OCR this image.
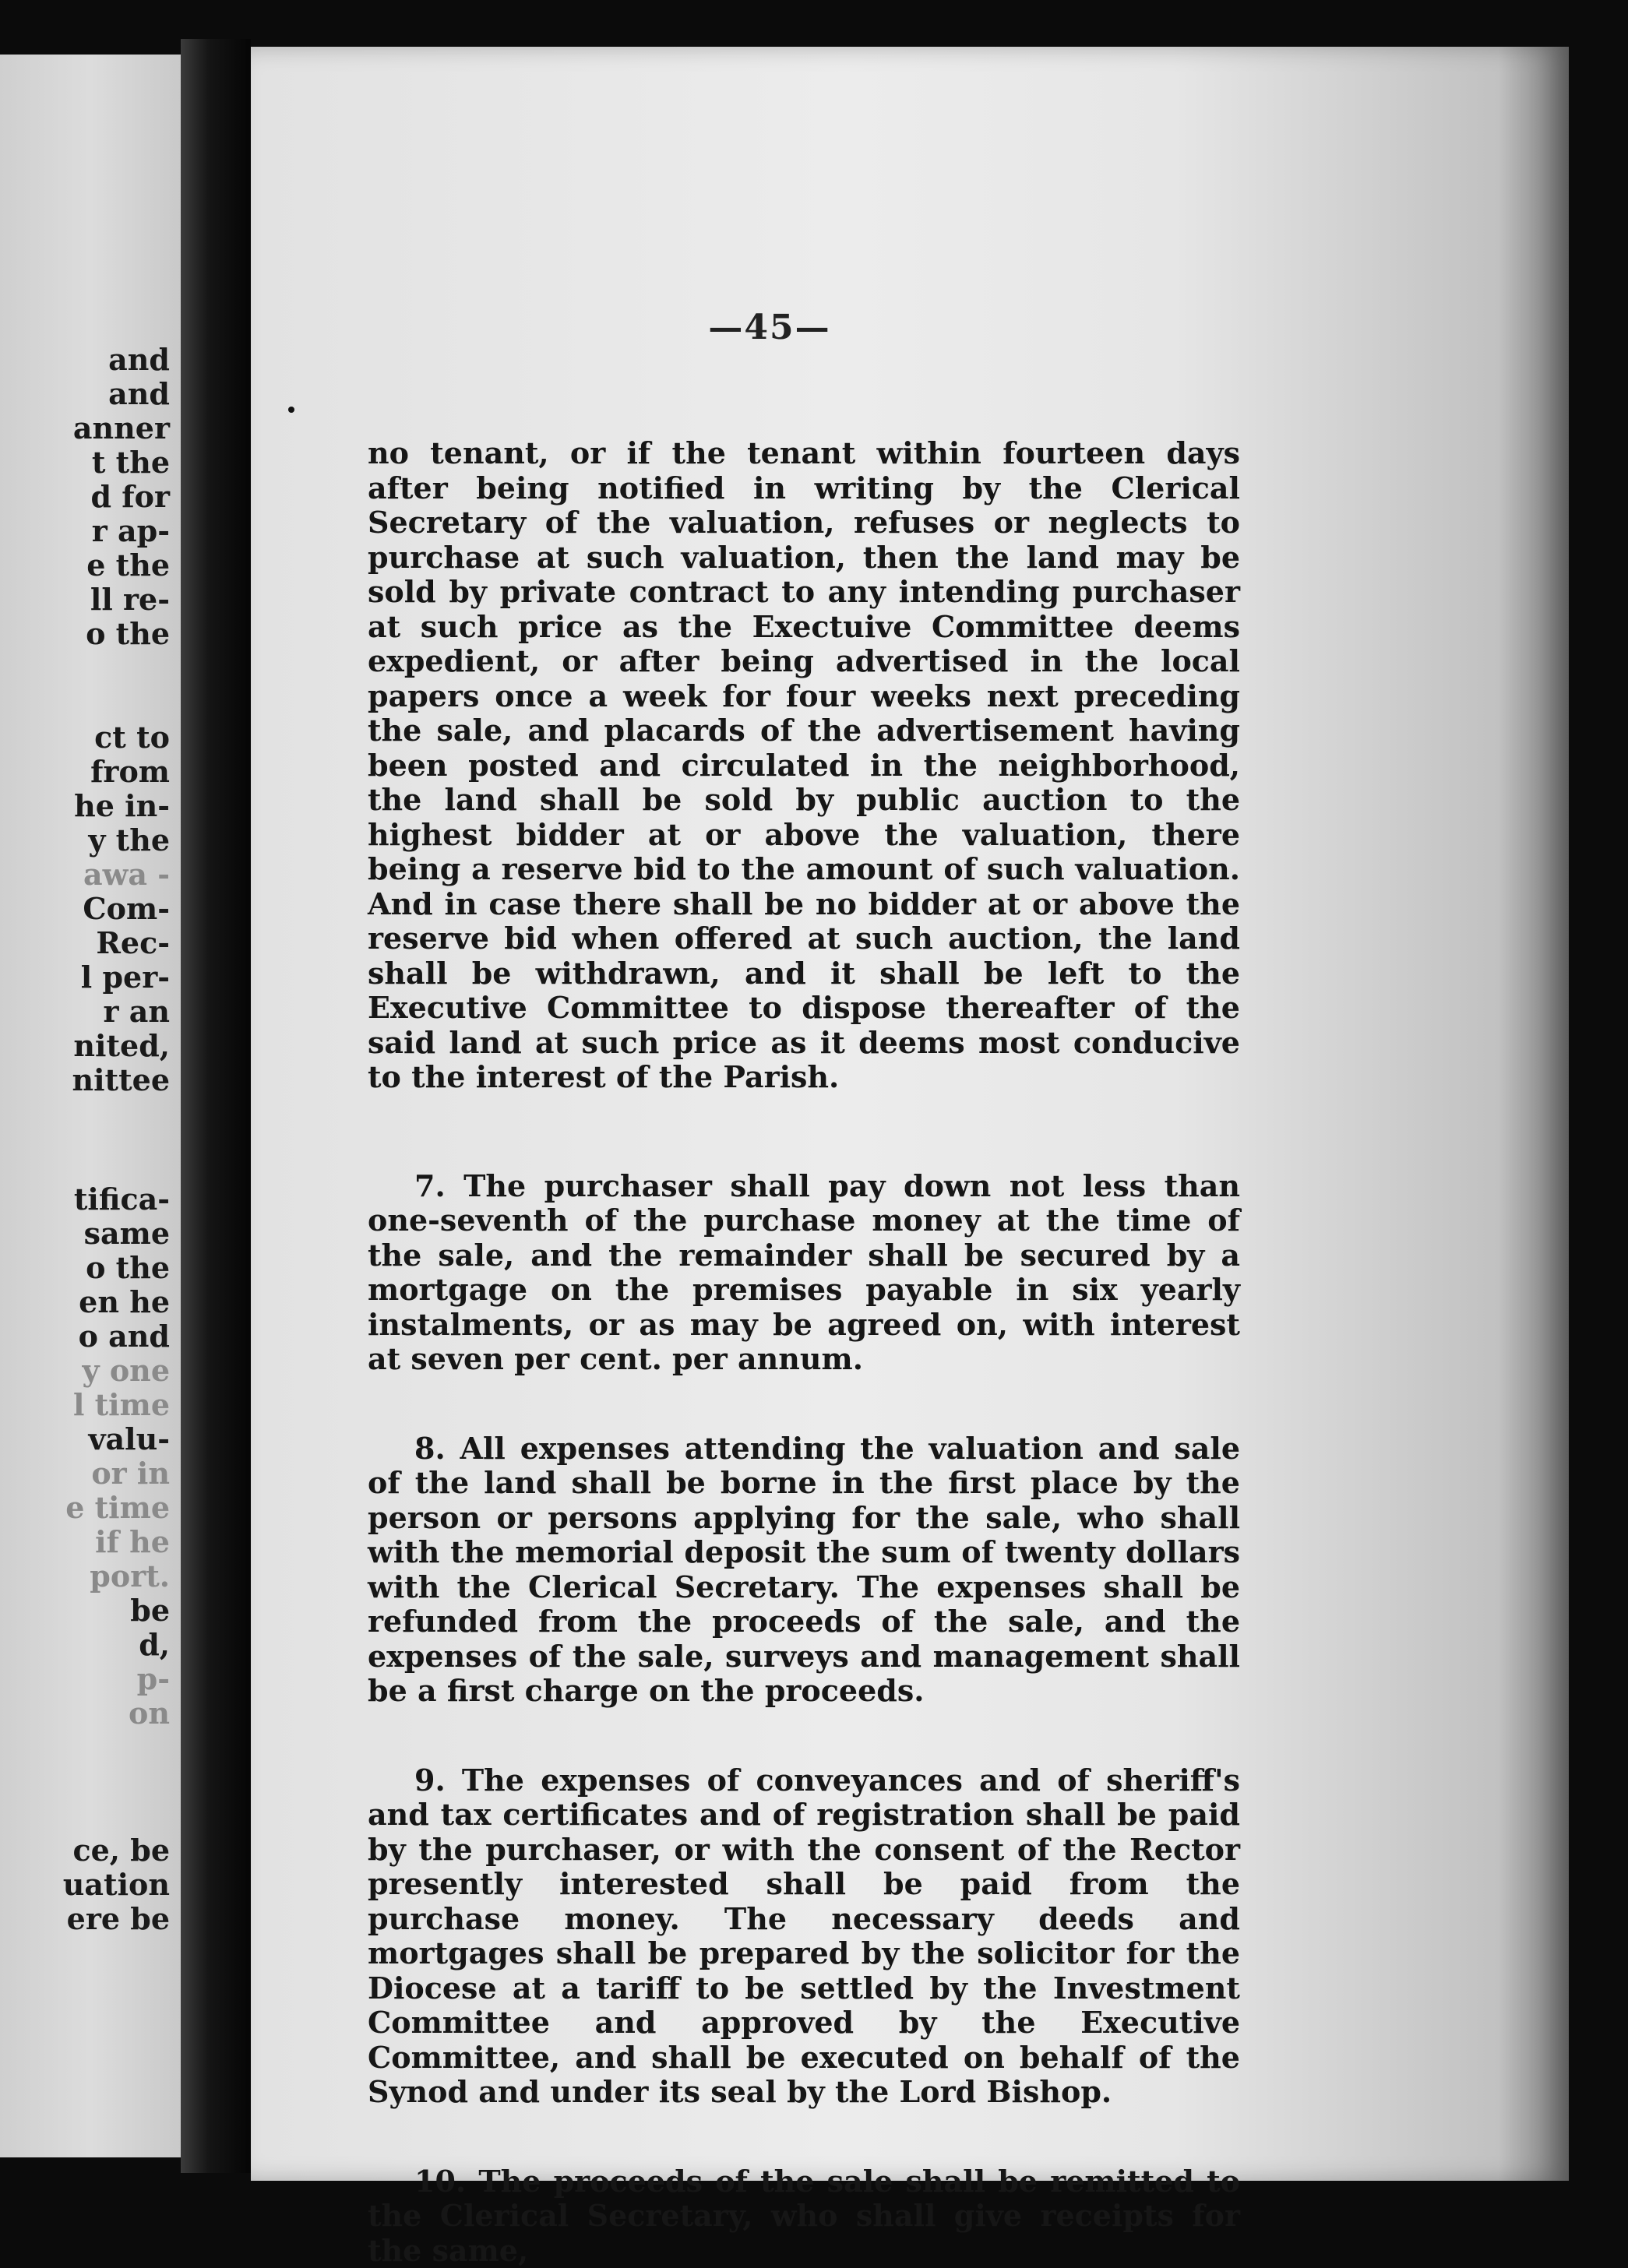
and
and
anner
t the
d for
r ap-
e the
ll re-
o the
ct to
from
he in-
y the
awa -
Com-
Rec-
l per-
r an
nited,
nittee
tifica-
same
o the
en he
o and
y one
l time
valu-
or in
e time
if he
port.
be
d,
p-
on
ce, be
uation
ere be
—45—

no tenant, or if the tenant within fourteen days after being notified in writing by the Clerical Secretary of the valuation, refuses or neglects to purchase at such valuation, then the land may be sold by private contract to any intending purchaser at such price as the Exectuive Committee deems expedient, or after being advertised in the local papers once a week for four weeks next preceding the sale, and placards of the advertisement having been posted and circulated in the neighborhood, the land shall be sold by public auction to the highest bidder at or above the valuation, there being a reserve bid to the amount of such valuation. And in case there shall be no bidder at or above the reserve bid when offered at such auction, the land shall be withdrawn, and it shall be left to the Executive Committee to dispose thereafter of the said land at such price as it deems most conducive to the interest of the Parish.

7. The purchaser shall pay down not less than one-seventh of the purchase money at the time of the sale, and the remainder shall be secured by a mortgage on the premises payable in six yearly instalments, or as may be agreed on, with interest at seven per cent. per annum.

8. All expenses attending the valuation and sale of the land shall be borne in the first place by the person or persons applying for the sale, who shall with the memorial deposit the sum of twenty dollars with the Clerical Secretary. The expenses shall be refunded from the proceeds of the sale, and the expenses of the sale, surveys and management shall be a first charge on the proceeds.

9. The expenses of conveyances and of sheriff's and tax certificates and of registration shall be paid by the purchaser, or with the consent of the Rector presently interested shall be paid from the purchase money. The necessary deeds and mortgages shall be prepared by the solicitor for the Diocese at a tariff to be settled by the Investment Committee and approved by the Executive Committee, and shall be executed on behalf of the Synod and under its seal by the Lord Bishop.

10. The proceeds of the sale shall be remitted to the Clerical Secretary, who shall give receipts for the same,
